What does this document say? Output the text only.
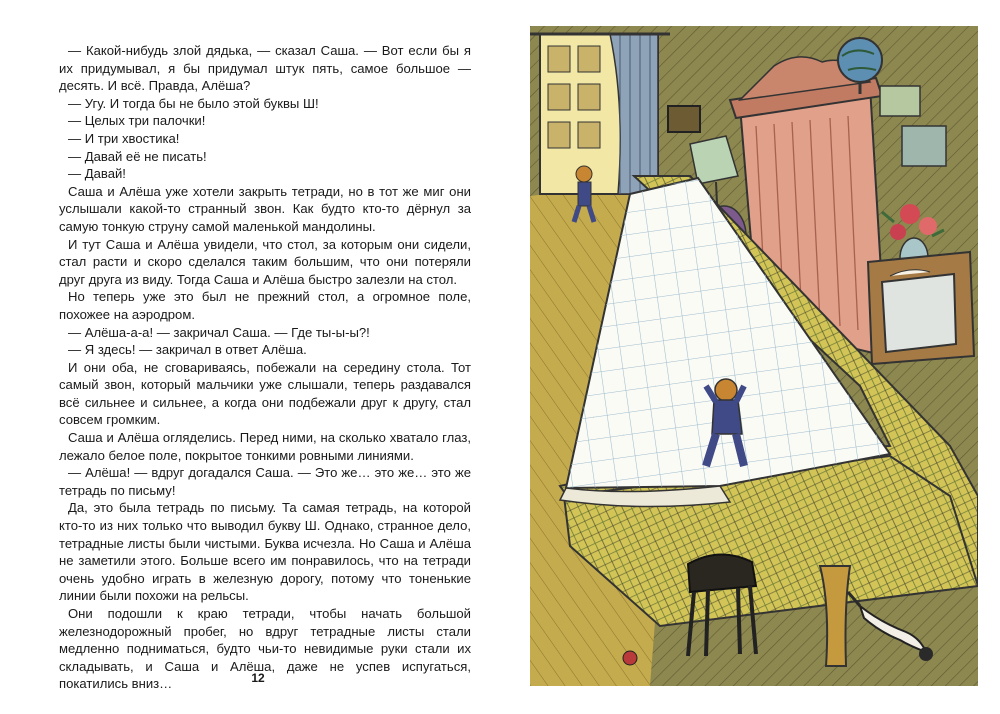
— Какой-нибудь злой дядька, — сказал Саша. — Вот если бы я их придумывал, я бы придумал штук пять, самое большое — десять. И всё. Правда, Алёша?

— Угу. И тогда бы не было этой буквы Ш!

— Целых три палочки!

— И три хвостика!

— Давай её не писать!

— Давай!

Саша и Алёша уже хотели закрыть тетради, но в тот же миг они услышали какой-то странный звон. Как будто кто-то дёрнул за самую тонкую струну самой маленькой мандолины.

И тут Саша и Алёша увидели, что стол, за которым они сидели, стал расти и скоро сделался таким большим, что они потеряли друг друга из виду. Тогда Саша и Алёша быстро залезли на стол.

Но теперь уже это был не прежний стол, а огромное поле, похожее на аэродром.

— Алёша-а-а! — закричал Саша. — Где ты-ы-ы?!

— Я здесь! — закричал в ответ Алёша.

И они оба, не сговариваясь, побежали на середину стола. Тот самый звон, который мальчики уже слышали, теперь раздавался всё сильнее и сильнее, а когда они подбежали друг к другу, стал совсем громким.

Саша и Алёша огляделись. Перед ними, на сколько хватало глаз, лежало белое поле, покрытое тонкими ровными линиями.

— Алёша! — вдруг догадался Саша. — Это же… это же… это же тетрадь по письму!

Да, это была тетрадь по письму. Та самая тетрадь, на которой кто-то из них только что выводил букву Ш. Однако, странное дело, тетрадные листы были чистыми. Буква исчезла. Но Саша и Алёша не заметили этого. Больше всего им понравилось, что на тетради очень удобно играть в железную дорогу, потому что тоненькие линии были похожи на рельсы.

Они подошли к краю тетради, чтобы начать большой железнодорожный пробег, но вдруг тетрадные листы стали медленно подниматься, будто чьи-то невидимые руки стали их складывать, и Саша и Алёша, даже не успев испугаться, покатились вниз…	12
